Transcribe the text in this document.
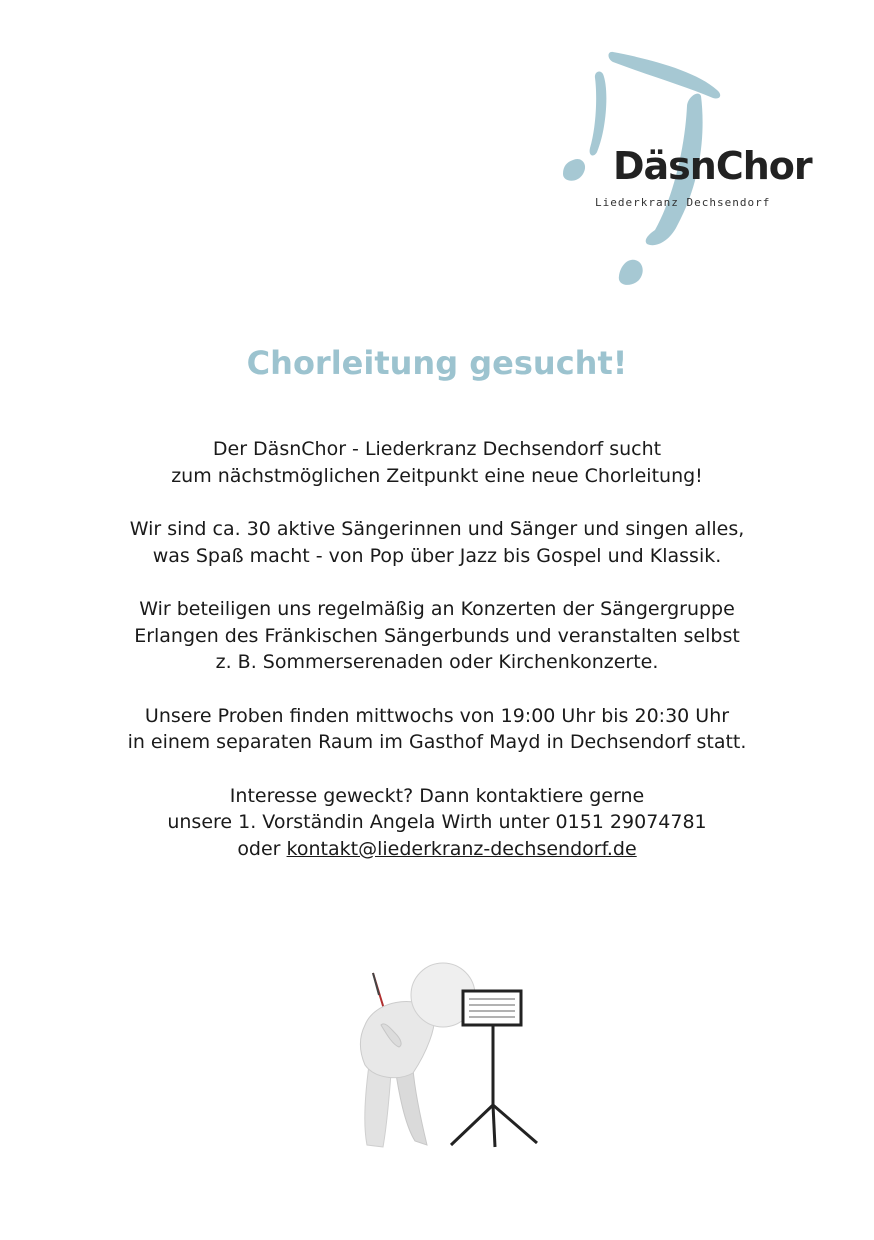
DäsnChor
Liederkranz Dechsendorf
Chorleitung gesucht!
Der DäsnChor - Liederkranz Dechsendorf sucht
zum nächstmöglichen Zeitpunkt eine neue Chorleitung!
Wir sind ca. 30 aktive Sängerinnen und Sänger und singen alles,
was Spaß macht - von Pop über Jazz bis Gospel und Klassik.
Wir beteiligen uns regelmäßig an Konzerten der Sängergruppe
Erlangen des Fränkischen Sängerbunds und veranstalten selbst
z. B. Sommerserenaden oder Kirchenkonzerte.
Unsere Proben finden mittwochs von 19:00 Uhr bis 20:30 Uhr
in einem separaten Raum im Gasthof Mayd in Dechsendorf statt.
Interesse geweckt? Dann kontaktiere gerne
unsere 1. Vorständin Angela Wirth unter 0151 29074781
oder kontakt@liederkranz-dechsendorf.de
